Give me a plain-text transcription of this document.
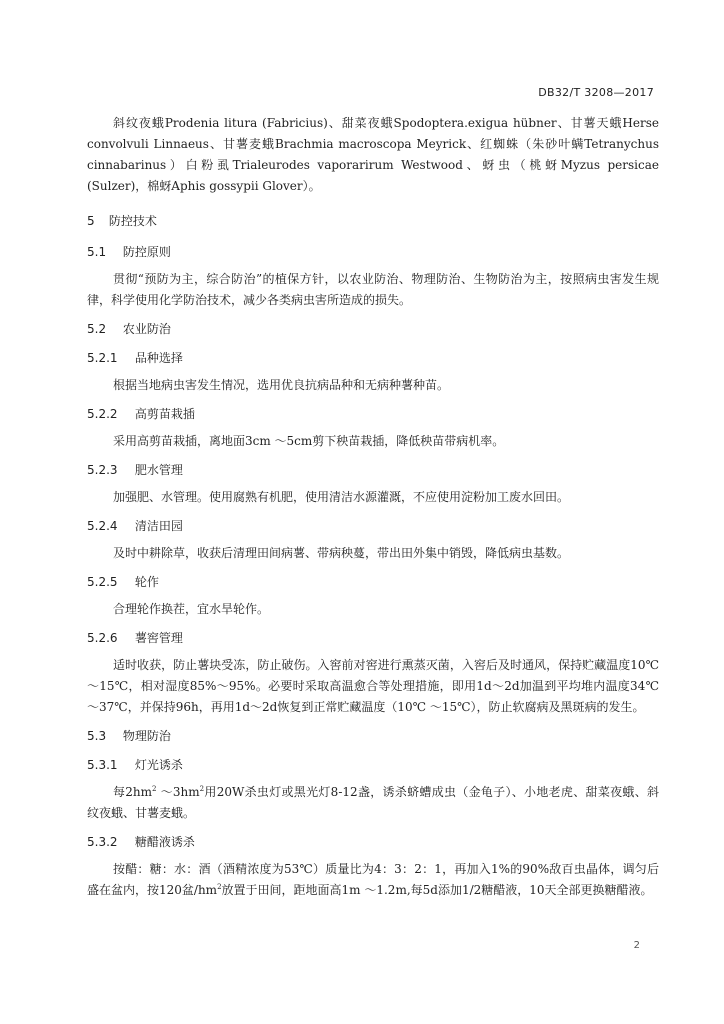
DB32/T 3208—2017

斜纹夜蛾Prodenia litura (Fabricius)、甜菜夜蛾Spodoptera.exigua hübner、甘薯天蛾Herse convolvuli Linnaeus、甘薯麦蛾Brachmia macroscopa Meyrick、红蜘蛛（朱砂叶螨Tetranychus cinnabarinus）白粉虱Trialeurodes vaporarirum Westwood、蚜虫（桃蚜Myzus persicae (Sulzer)，棉蚜Aphis gossypii Glover）。

5 防控技术
5.1 防控原则

贯彻“预防为主，综合防治”的植保方针，以农业防治、物理防治、生物防治为主，按照病虫害发生规律，科学使用化学防治技术，减少各类病虫害所造成的损失。

5.2 农业防治
5.2.1 品种选择

根据当地病虫害发生情况，选用优良抗病品种和无病种薯种苗。

5.2.2 高剪苗栽插

采用高剪苗栽插，离地面3cm ～5cm剪下秧苗栽插，降低秧苗带病机率。

5.2.3 肥水管理

加强肥、水管理。使用腐熟有机肥，使用清洁水源灌溉，不应使用淀粉加工废水回田。

5.2.4 清洁田园

及时中耕除草，收获后清理田间病薯、带病秧蔓，带出田外集中销毁，降低病虫基数。

5.2.5 轮作

合理轮作换茬，宜水旱轮作。

5.2.6 薯窖管理

适时收获，防止薯块受冻，防止破伤。入窖前对窖进行熏蒸灭菌，入窖后及时通风，保持贮藏温度10℃～15℃，相对湿度85%～95%。必要时采取高温愈合等处理措施，即用1d～2d加温到平均堆内温度34℃～37℃，并保持96h，再用1d～2d恢复到正常贮藏温度（10℃ ～15℃），防止软腐病及黑斑病的发生。

5.3 物理防治
5.3.1 灯光诱杀

每$2hm^2$ $\sim 3hm^2$用20W杀虫灯或黑光灯8-12盏，诱杀蛴螬成虫（金龟子）、小地老虎、甜菜夜蛾、斜纹夜蛾、甘薯麦蛾。

5.3.2 糖醋液诱杀

按醋：糖：水：酒（酒精浓度为53℃）质量比为4：3：2：1，再加入1%的90%敌百虫晶体，调匀后盛在盆内，按120盆$/hm^2$放置于田间，距地面高1m ～1.2m,每5d添加1/2糖醋液，10天全部更换糖醋液。

2
